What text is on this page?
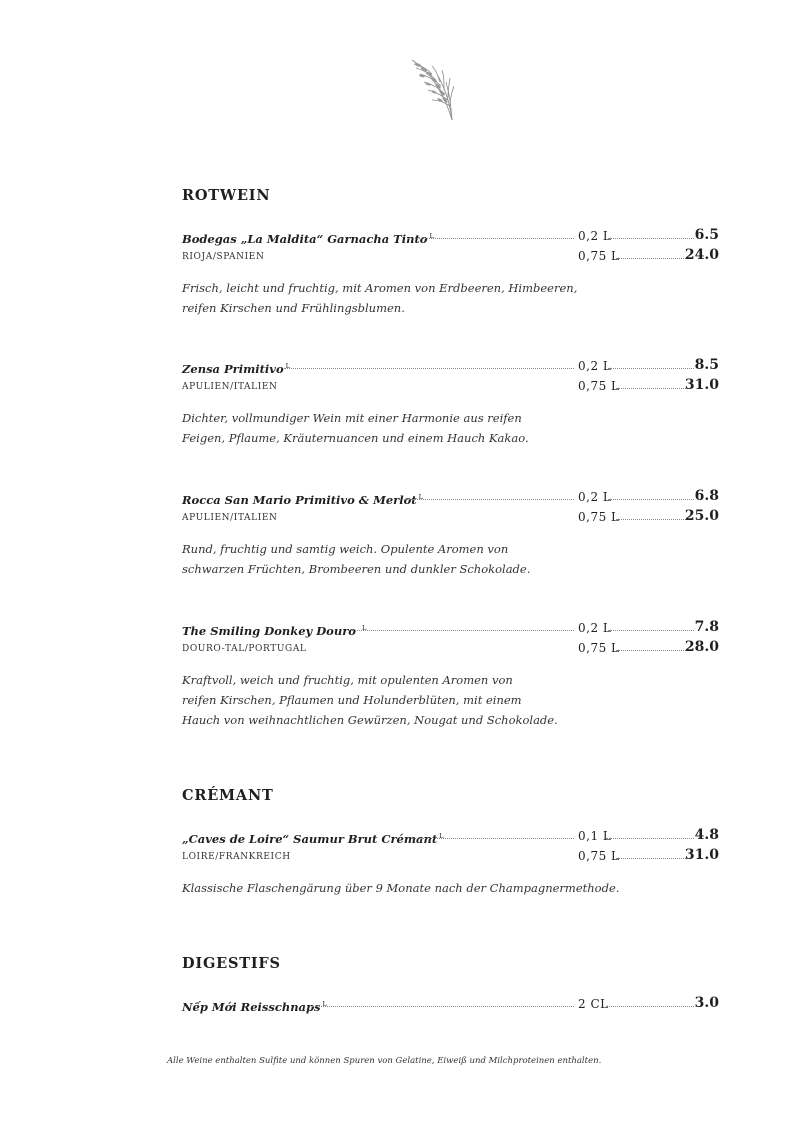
ROTWEIN
Bodegas „La Maldita“ Garnacha Tinto $^L$	0,2 L	6.5
RIOJA/SPANIEN	0,75 L	24.0
Frisch, leicht und fruchtig, mit Aromen von Erdbeeren, Himbeeren,
reifen Kirschen und Frühlingsblumen.
Zensa Primitivo $^L$	0,2 L	8.5
APULIEN/ITALIEN	0,75 L	31.0
Dichter, vollmundiger Wein mit einer Harmonie aus reifen
Feigen, Pflaume, Kräuternuancen und einem Hauch Kakao.
Rocca San Mario Primitivo & Merlot $^L$	0,2 L	6.8
APULIEN/ITALIEN	0,75 L	25.0
Rund, fruchtig und samtig weich. Opulente Aromen von
schwarzen Früchten, Brombeeren und dunkler Schokolade.
The Smiling Donkey Douro $^L$	0,2 L	7.8
DOURO-TAL/PORTUGAL	0,75 L	28.0
Kraftvoll, weich und fruchtig, mit opulenten Aromen von
reifen Kirschen, Pflaumen und Holunderblüten, mit einem
Hauch von weihnachtlichen Gewürzen, Nougat und Schokolade.
CRÉMANT
„Caves de Loire“ Saumur Brut Crémant $^L$	0,1 L	4.8
LOIRE/FRANKREICH	0,75 L	31.0
Klassische Flaschengärung über 9 Monate nach der Champagnermethode.
DIGESTIFS
Nếp Mới Reisschnaps $^L$	2 CL	3.0
Alle Weine enthalten Sulfite und können Spuren von Gelatine, Eiweiß und Milchproteinen enthalten.
